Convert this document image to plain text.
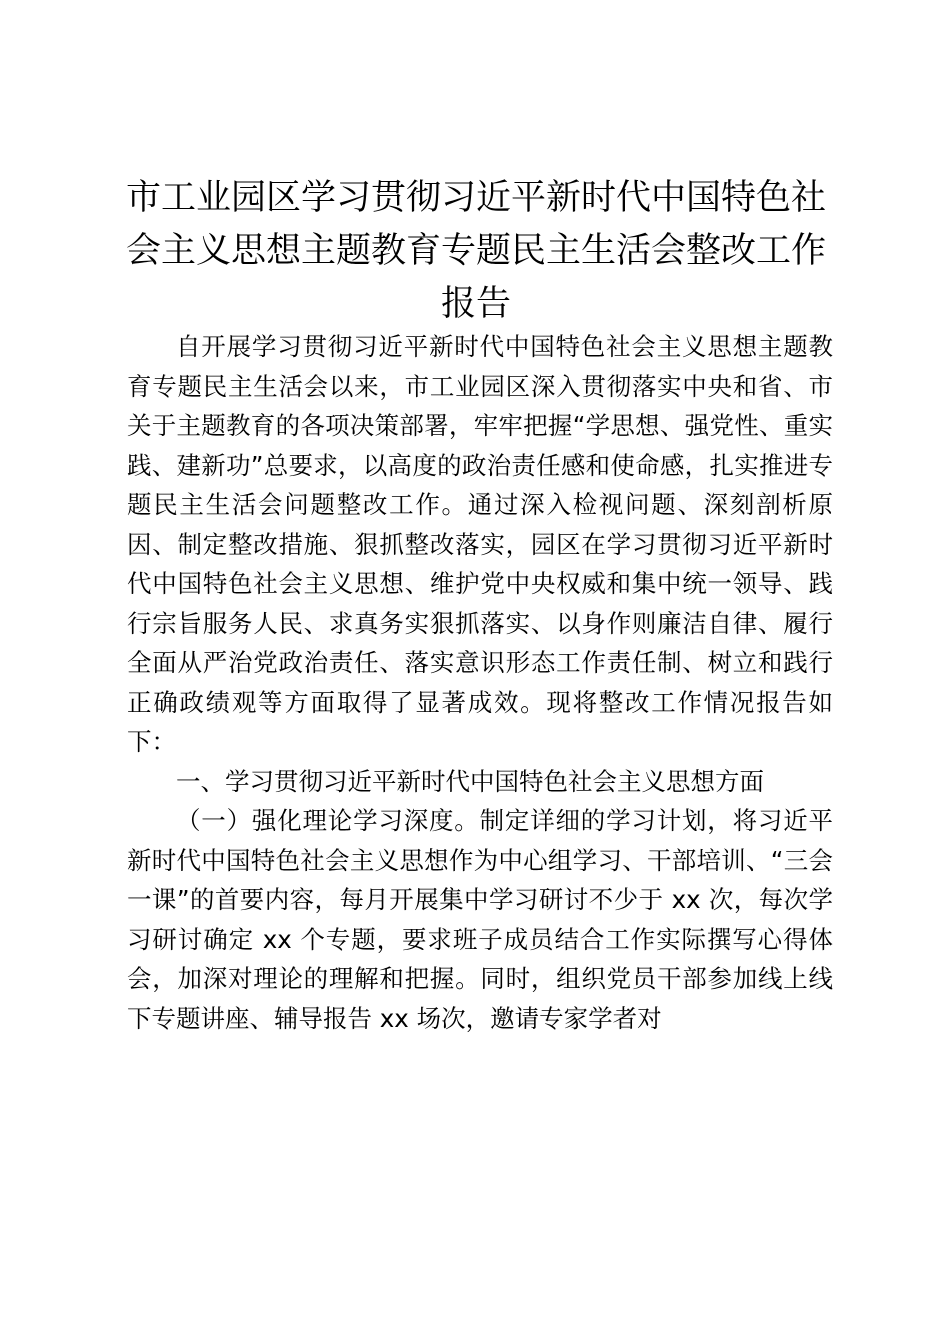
市工业园区学习贯彻习近平新时代中国特色社会主义思想主题教育专题民主生活会整改工作报告

自开展学习贯彻习近平新时代中国特色社会主义思想主题教育专题民主生活会以来，市工业园区深入贯彻落实中央和省、市关于主题教育的各项决策部署，牢牢把握“学思想、强党性、重实践、建新功”总要求，以高度的政治责任感和使命感，扎实推进专题民主生活会问题整改工作。通过深入检视问题、深刻剖析原因、制定整改措施、狠抓整改落实，园区在学习贯彻习近平新时代中国特色社会主义思想、维护党中央权威和集中统一领导、践行宗旨服务人民、求真务实狠抓落实、以身作则廉洁自律、履行全面从严治党政治责任、落实意识形态工作责任制、树立和践行正确政绩观等方面取得了显著成效。现将整改工作情况报告如下：

一、学习贯彻习近平新时代中国特色社会主义思想方面

（一）强化理论学习深度。制定详细的学习计划，将习近平新时代中国特色社会主义思想作为中心组学习、干部培训、“三会一课”的首要内容，每月开展集中学习研讨不少于 xx 次，每次学习研讨确定 xx 个专题，要求班子成员结合工作实际撰写心得体会，加深对理论的理解和把握。同时，组织党员干部参加线上线下专题讲座、辅导报告 xx 场次，邀请专家学者对
